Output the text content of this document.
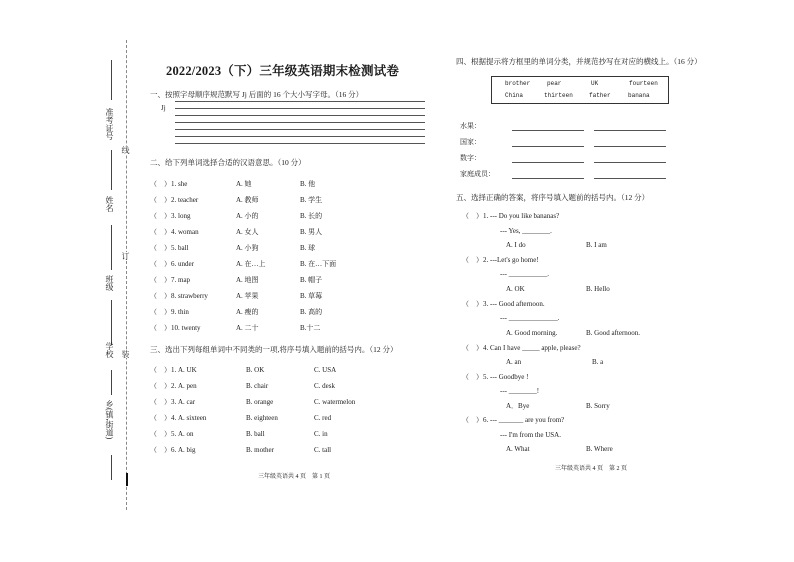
准考证号
姓名
班级
学校
乡(镇,街道)
线
订
装
2022/2023（下）三年级英语期末检测试卷
一、按照字母顺序规范默写 Jj 后面的 16 个大小写字母。（16 分）
Jj
二、给下列单词选择合适的汉语意思。（10 分）
（　）1. she	A. 她	B. 他
（　）2. teacher	A. 教师	B. 学生
（　）3. long	A. 小的	B. 长的
（　）4. woman	A. 女人	B. 男人
（　）5. ball	A. 小狗	B. 球
（　）6. under	A. 在…上	B. 在…下面
（　）7. map	A. 地图	B. 帽子
（　）8. strawberry	A. 苹果	B. 草莓
（　）9. thin	A. 瘦的	B. 高的
（　）10. twenty	A. 二十	B.十二
三、选出下列每组单词中不同类的一项,将序号填入题前的括号内。（12 分）
（　）1. A. UK	B. OK	C. USA
（　）2. A. pen	B. chair	C. desk
（　）3. A. car	B. orange	C. watermelon
（　）4. A. sixteen	B. eighteen	C. red
（　）5. A. on	B. ball	C. in
（　）6. A. big	B. mother	C. tall
三年级英语共 4 页　第 1 页
四、根据提示将方框里的单词分类，并规范抄写在对应的横线上。（16 分）
brother	pear	UK	fourteen
China	thirteen	father	banana
水果：
国家：
数字：
家庭成员：
五、选择正确的答案，将序号填入题前的括号内。（12 分）
（　）1. --- Do you like bananas?
--- Yes, ________.
A. I do	B. I am
（　）2. ---Let's go home!
--- ___________.
A. OK	B. Hello
（　）3. --- Good afternoon.
--- ______________.
A. Good morning.	B. Good afternoon.
（　）4. Can I have _____ apple, please?
A. an	B. a
（　）5. --- Goodbye !
--- ________!
A．Bye	B. Sorry
（　）6. --- _______ are you from?
--- I'm from the USA.
A. What	B. Where
三年级英语共 4 页　第 2 页
